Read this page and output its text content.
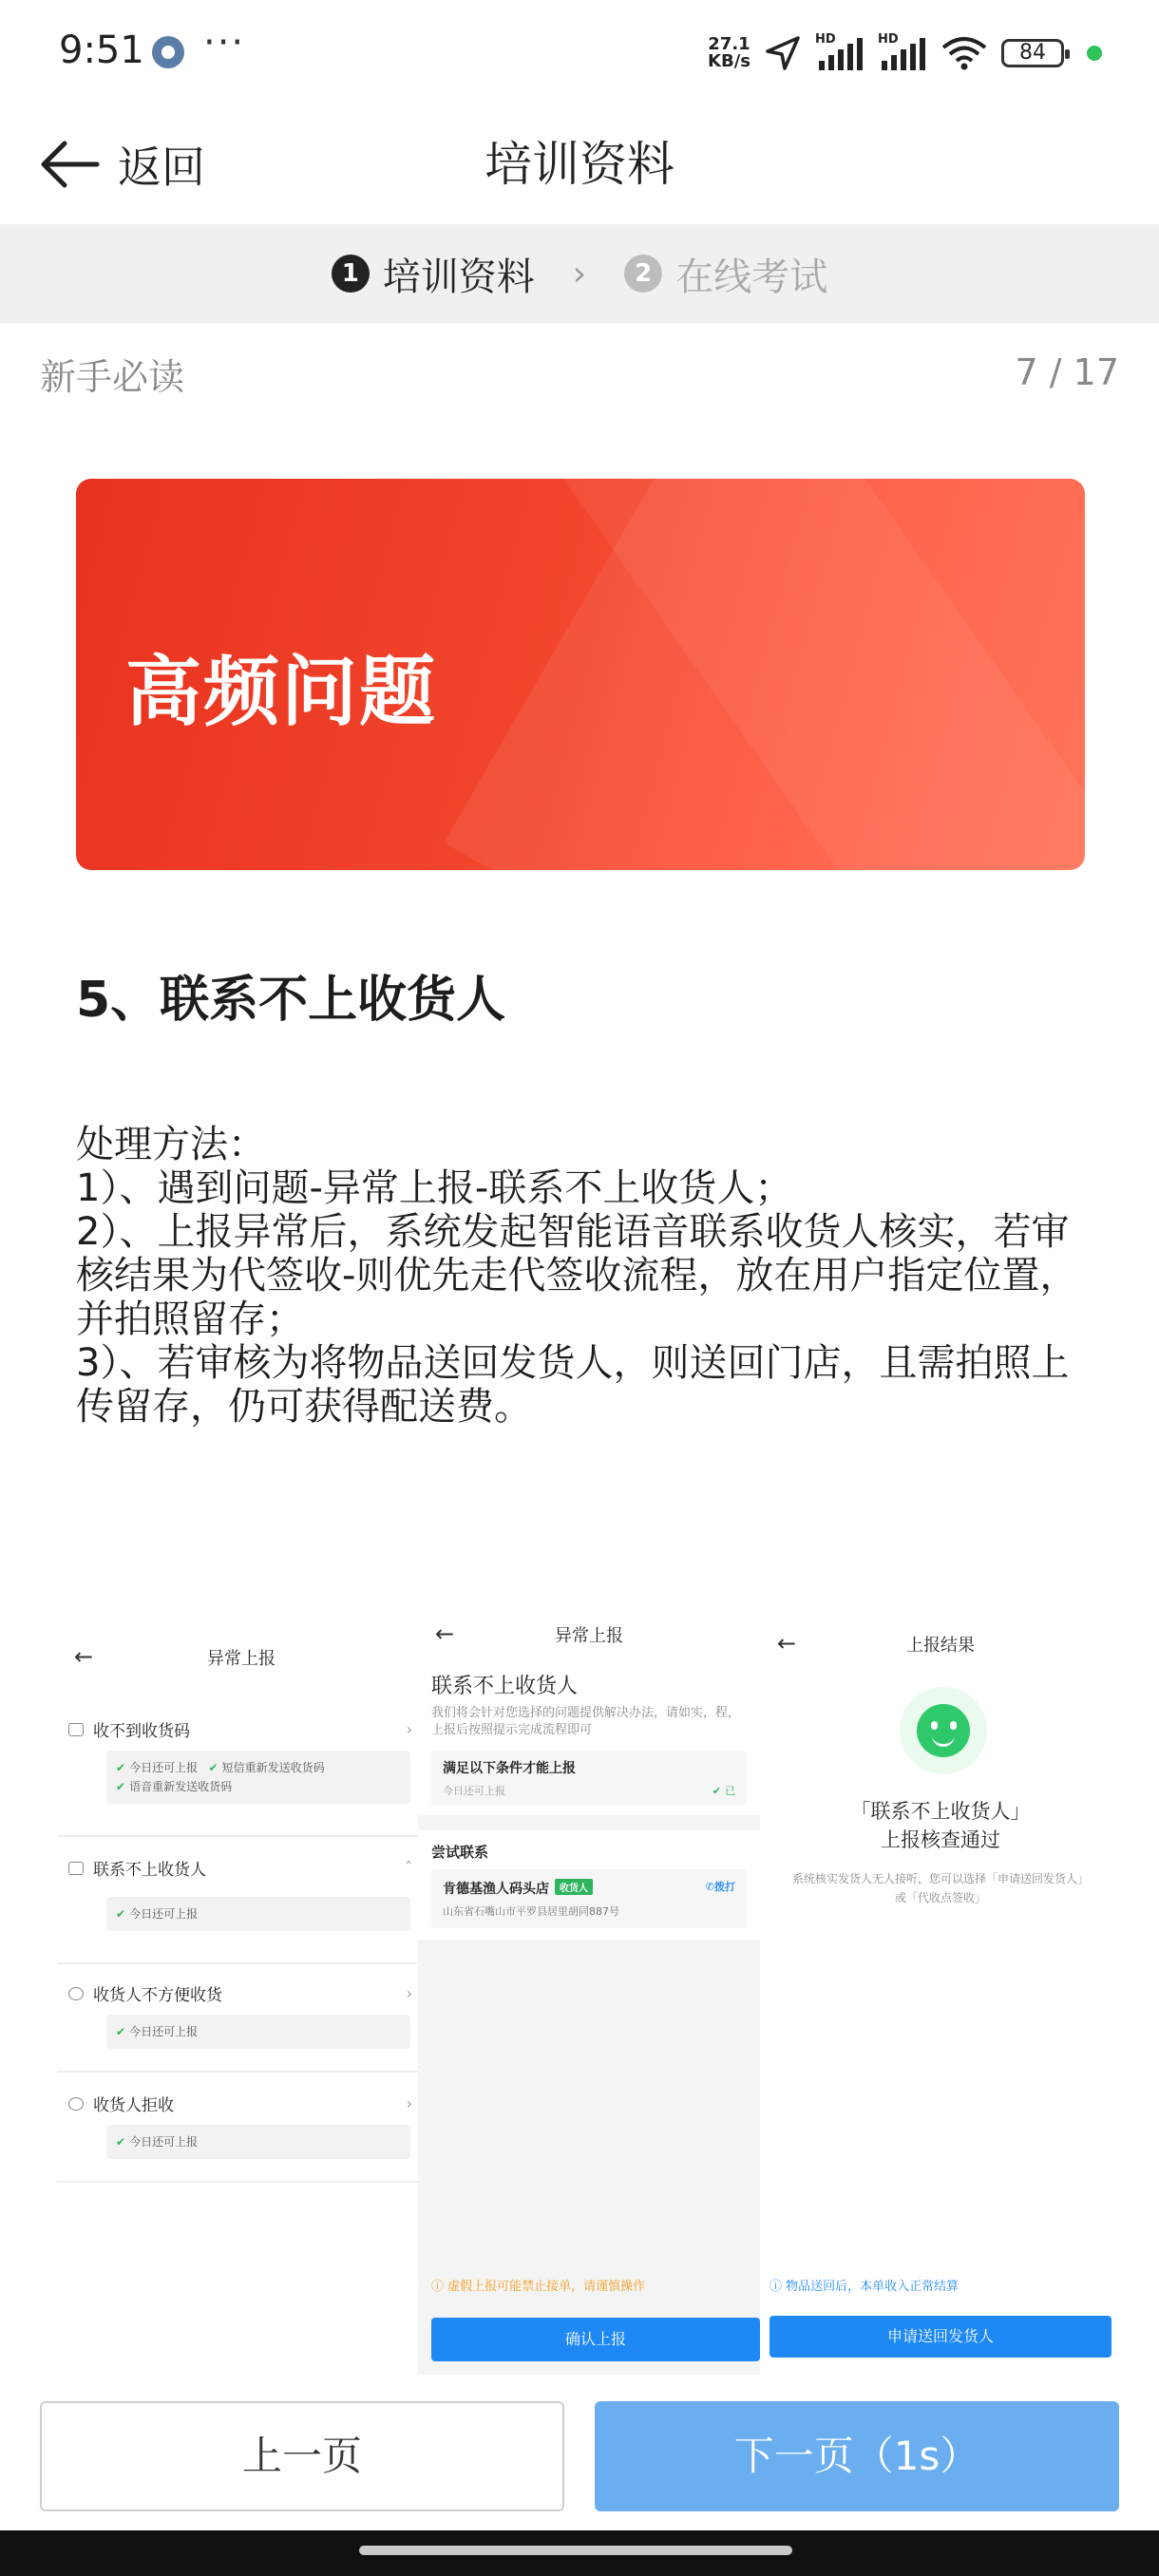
9:51 ···	27.1
KB/s
HD	HD
84
返回	培训资料
1 培训资料 ›	2 在线考试
新手必读	7 / 17
高频问题
5、联系不上收货人

处理方法：
1）、遇到问题-异常上报-联系不上收货人；
2）、上报异常后，系统发起智能语音联系收货人核实，若审核结果为代签收-则优先走代签收流程，放在用户指定位置，并拍照留存；
3）、若审核为将物品送回发货人，则送回门店，且需拍照上传留存，仍可获得配送费。

←	异常上报
收不到收货码	›
✔ 今日还可上报 ✔ 短信重新发送收货码
✔ 语音重新发送收货码
联系不上收货人	ˆ
✔ 今日还可上报
收货人不方便收货	›
✔ 今日还可上报
收货人拒收	›
✔ 今日还可上报
←	异常上报
联系不上收货人
我们将会针对您选择的问题提供解决办法，请如实，程，上报后按照提示完成流程即可
满足以下条件才能上报
今日还可上报	✔ 已
尝试联系
肯德基渔人码头店 收货人	✆拨打
山东省石嘴山市平罗县居里胡同887号
ⓘ 虚假上报可能禁止接单，请谨慎操作
确认上报
←	上报结果
「联系不上收货人」
上报核查通过
系统核实发货人无人接听，您可以选择「申请送回发货人」或「代收点签收」
ⓘ 物品送回后，本单收入正常结算
申请送回发货人
上一页	下一页（1s）
